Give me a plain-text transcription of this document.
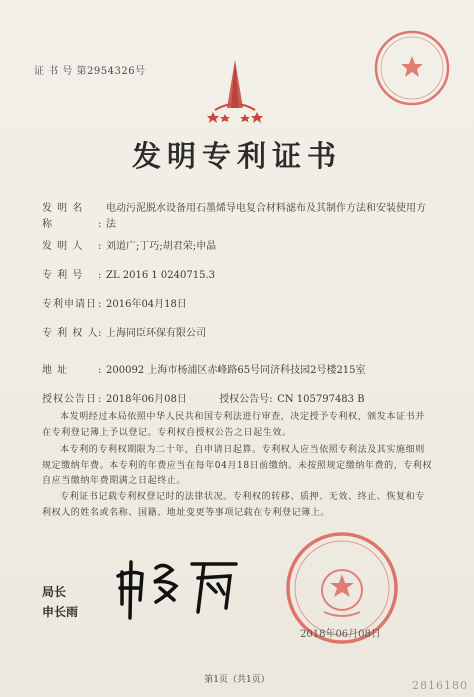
证 书 号 第2954326号
发明专利证书
发 明 名 称	:电动污泥脱水设备用石墨烯导电复合材料滤布及其制作方法和安装使用方法
发 明 人 : 刘道广;丁巧;胡君荣;申晶
专 利 号 : ZL 2016 1 0240715.3
专利申请日: 2016年04月18日
专 利 权 人: 上海同臣环保有限公司
地 址	: 200092 上海市杨浦区赤峰路65号同济科技园2号楼215室
授权公告日: 2018年06月08日	授权公告号: CN 105797483 B
本发明经过本局依照中华人民共和国专利法进行审查，决定授予专利权，颁发本证书并在专利登记簿上予以登记。专利权自授权公告之日起生效。
本专利的专利权期限为二十年，自申请日起算。专利权人应当依照专利法及其实施细则规定缴纳年费。本专利的年费应当在每年04月18日前缴纳。未按照规定缴纳年费的，专利权自应当缴纳年费期满之日起终止。
专利证书记载专利权登记时的法律状况。专利权的转移、质押、无效、终止、恢复和专利权人的姓名或名称、国籍、地址变更等事项记载在专利登记簿上。
局长
申长雨
2018年06月08日
第1页（共1页）	2816180
